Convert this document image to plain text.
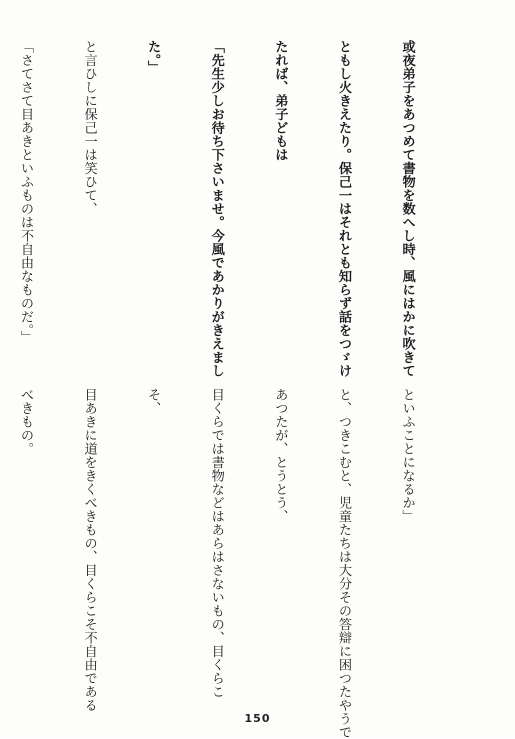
或夜弟子をあつめて書物を数へし時、風にはかに吹きて

ともし火きえたり。保己一はそれとも知らず話をつゞけ

たれば、弟子どもは

「先生少しお待ち下さいませ。今風であかりがきえまし

た。」

と言ひしに保己一は笑ひて、

「さてさて目あきといふものは不自由なものだ。」

といふことになるか」

と、つきこむと、児童たちは大分その答辯に困つたやうで

あつたが、とうとう、

目くらでは書物などはあらはさないもの、目くらこ

そ、

目あきに道をきくべきもの、目くらこそ不自由である

べきもの。

150
